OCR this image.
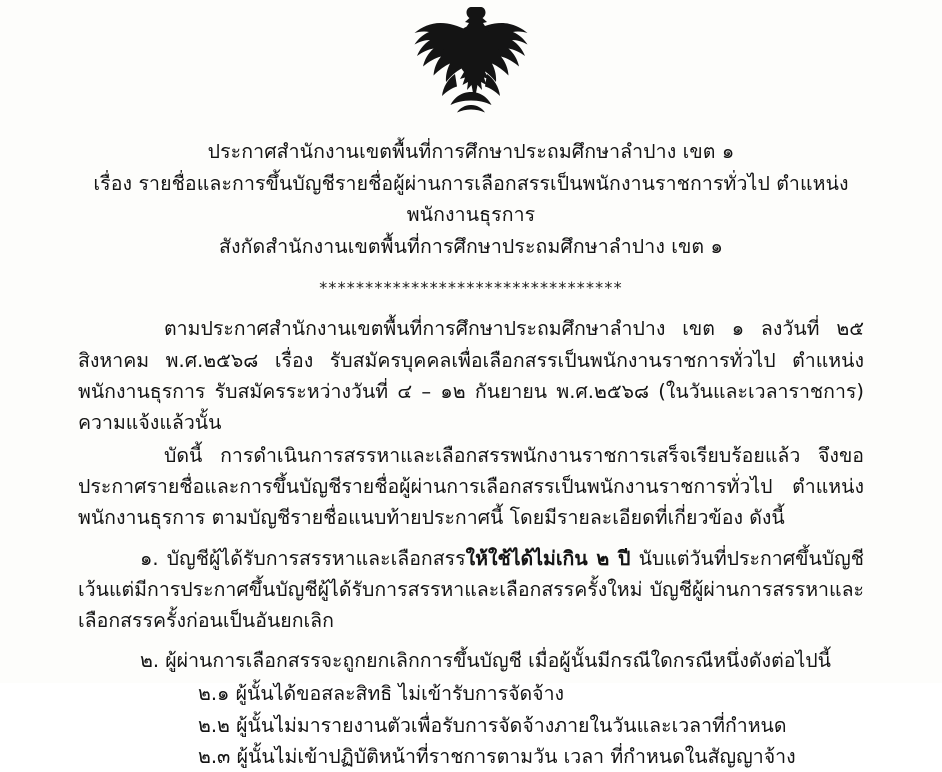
ประกาศสำนักงานเขตพื้นที่การศึกษาประถมศึกษาลำปาง เขต ๑
เรื่อง รายชื่อและการขึ้นบัญชีรายชื่อผู้ผ่านการเลือกสรรเป็นพนักงานราชการทั่วไป ตำแหน่งพนักงานธุรการ
สังกัดสำนักงานเขตพื้นที่การศึกษาประถมศึกษาลำปาง เขต ๑
*********************************

ตามประกาศสำนักงานเขตพื้นที่การศึกษาประถมศึกษาลำปาง เขต ๑ ลงวันที่ ๒๕ สิงหาคม พ.ศ.๒๕๖๘ เรื่อง รับสมัครบุคคลเพื่อเลือกสรรเป็นพนักงานราชการทั่วไป ตำแหน่งพนักงานธุรการ รับสมัครระหว่างวันที่ ๔ – ๑๒ กันยายน พ.ศ.๒๕๖๘ (ในวันและเวลาราชการ) ความแจ้งแล้วนั้น

บัดนี้ การดำเนินการสรรหาและเลือกสรรพนักงานราชการเสร็จเรียบร้อยแล้ว จึงขอประกาศรายชื่อและการขึ้นบัญชีรายชื่อผู้ผ่านการเลือกสรรเป็นพนักงานราชการทั่วไป ตำแหน่งพนักงานธุรการ ตามบัญชีรายชื่อแนบท้ายประกาศนี้ โดยมีรายละเอียดที่เกี่ยวข้อง ดังนี้

๑. บัญชีผู้ได้รับการสรรหาและเลือกสรรให้ใช้ได้ไม่เกิน ๒ ปี นับแต่วันที่ประกาศขึ้นบัญชี เว้นแต่มีการประกาศขึ้นบัญชีผู้ได้รับการสรรหาและเลือกสรรครั้งใหม่ บัญชีผู้ผ่านการสรรหาและเลือกสรรครั้งก่อนเป็นอันยกเลิก

๒. ผู้ผ่านการเลือกสรรจะถูกยกเลิกการขึ้นบัญชี เมื่อผู้นั้นมีกรณีใดกรณีหนึ่งดังต่อไปนี้

๒.๑ ผู้นั้นได้ขอสละสิทธิ ไม่เข้ารับการจัดจ้าง

๒.๒ ผู้นั้นไม่มารายงานตัวเพื่อรับการจัดจ้างภายในวันและเวลาที่กำหนด

๒.๓ ผู้นั้นไม่เข้าปฏิบัติหน้าที่ราชการตามวัน เวลา ที่กำหนดในสัญญาจ้าง
